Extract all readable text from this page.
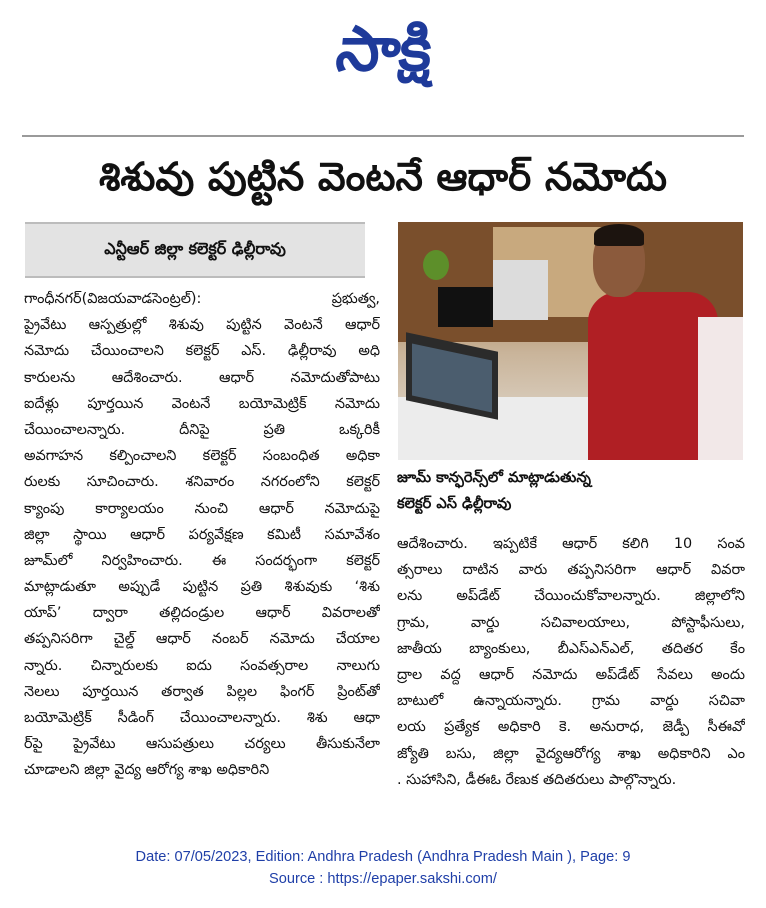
సాక్షి
శిశువు పుట్టిన వెంటనే ఆధార్ నమోదు
ఎన్టీఆర్ జిల్లా కలెక్టర్ ఢిల్లీరావు
గాంధీనగర్(విజయవాడసెంట్రల్): ప్రభుత్వ,
ప్రైవేటు ఆస్పత్రుల్లో శిశువు పుట్టిన వెంటనే ఆధార్
నమోదు చేయించాలని కలెక్టర్ ఎస్. ఢిల్లీరావు అధి
కారులను ఆదేశించారు. ఆధార్ నమోదుతోపాటు
ఐదేళ్లు పూర్తయిన వెంటనే బయోమెట్రిక్ నమోదు
చేయించాలన్నారు. దీనిపై ప్రతి ఒక్కరికీ
అవగాహన కల్పించాలని కలెక్టర్ సంబంధిత అధికా
రులకు సూచించారు. శనివారం నగరంలోని కలెక్టర్
క్యాంపు కార్యాలయం నుంచి ఆధార్ నమోదుపై
జిల్లా స్థాయి ఆధార్ పర్యవేక్షణ కమిటీ సమావేశం
జూమ్‌లో నిర్వహించారు. ఈ సందర్భంగా కలెక్టర్
మాట్లాడుతూ అప్పుడే పుట్టిన ప్రతి శిశువుకు ‘శిశు
యాప్’ ద్వారా తల్లిదండ్రుల ఆధార్ వివరాలతో
తప్పనిసరిగా చైల్డ్ ఆధార్ నంబర్ నమోదు చేయాల
న్నారు. చిన్నారులకు ఐదు సంవత్సరాల నాలుగు
నెలలు పూర్తయిన తర్వాత పిల్లల ఫింగర్ ప్రింట్‌తో
బయోమెట్రిక్ సీడింగ్ చేయించాలన్నారు. శిశు ఆధా
ర్‌పై ప్రైవేటు ఆసుపత్రులు చర్యలు తీసుకునేలా
చూడాలని జిల్లా వైద్య ఆరోగ్య శాఖ అధికారిని
జూమ్ కాన్ఫరెన్స్‌లో మాట్లాడుతున్న
కలెక్టర్ ఎస్ ఢిల్లీరావు
ఆదేశించారు. ఇప్పటికే ఆధార్ కలిగి 10 సంవ
త్సరాలు దాటిన వారు తప్పనిసరిగా ఆధార్ వివరా
లను అప్‌డేట్ చేయించుకోవాలన్నారు. జిల్లాలోని
గ్రామ, వార్డు సచివాలయాలు, పోస్టాఫీసులు,
జాతీయ బ్యాంకులు, బీఎస్ఎన్ఎల్, తదితర కేం
ద్రాల వద్ద ఆధార్ నమోదు అప్‌డేట్ సేవలు అందు
బాటులో ఉన్నాయన్నారు. గ్రామ వార్డు సచివా
లయ ప్రత్యేక అధికారి కె. అనురాధ, జెడ్పీ సీఈవో
జ్యోతి బసు, జిల్లా వైద్యఆరోగ్య శాఖ అధికారిని ఎం
. సుహాసిని, డీఈఓ రేణుక తదితరులు పాల్గొన్నారు.
Date: 07/05/2023, Edition: Andhra Pradesh (Andhra Pradesh Main ), Page: 9
Source : https://epaper.sakshi.com/
